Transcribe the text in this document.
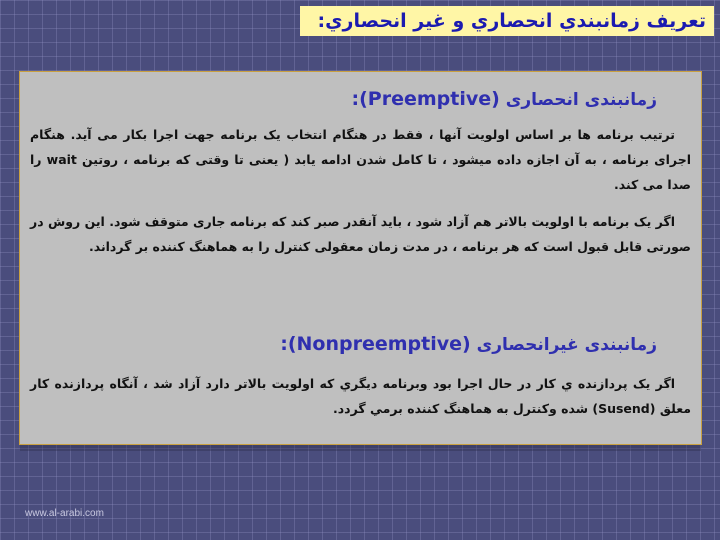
تعريف زمانبندي انحصاري و غير انحصاري:
زمانبندی انحصاری (Preemptive):
ترتیب برنامه ها بر اساس اولویت آنها ، فقط در هنگام انتخاب یک برنامه جهت اجرا بکار می آید. هنگام اجرای برنامه ، به آن اجازه داده میشود ، تا کامل شدن ادامه یابد ( یعنی تا وقتی که برنامه ، روتین wait را صدا می کند.
اگر یک برنامه با اولویت بالاتر هم آزاد شود ، باید آنقدر صبر کند که برنامه جاری متوقف شود. این روش در صورتی قابل قبول است که هر برنامه ، در مدت زمان معقولی کنترل را به هماهنگ کننده بر گرداند.
زمانبندی غیرانحصاری (Nonpreemptive):
اگر يک پردازنده ي کار در حال اجرا بود وبرنامه ديگري که اولويت بالاتر دارد آزاد شد ، آنگاه پردازنده کار معلق (Susend) شده وکنترل به هماهنگ کننده برمي گردد.
www.al-arabi.com
